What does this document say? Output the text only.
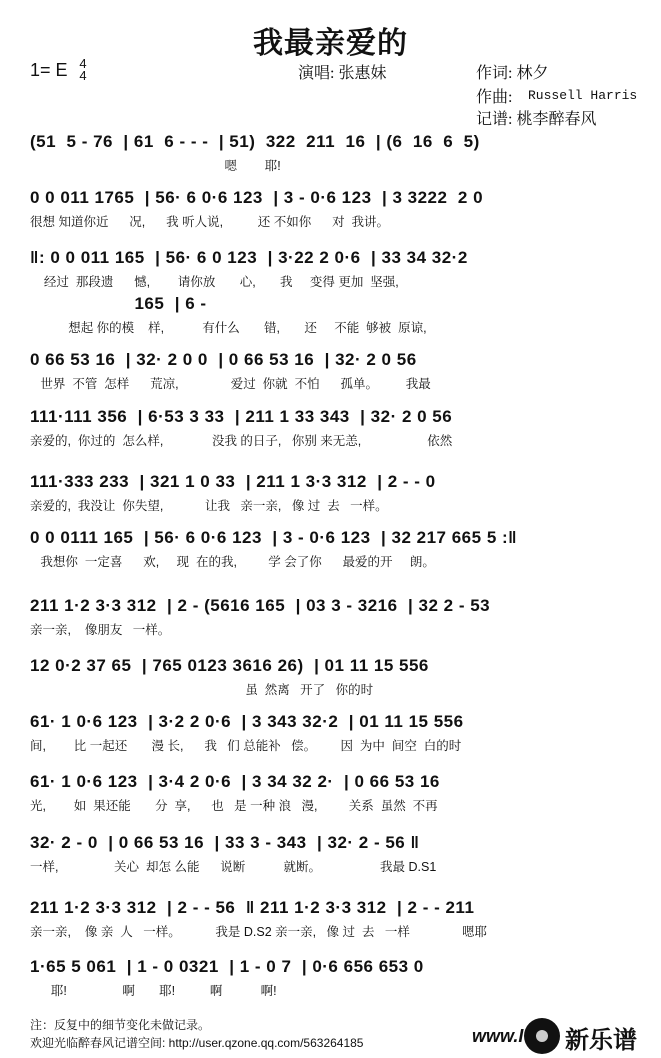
我最亲爱的
1= E 4
4	演唱: 张惠妹	作词: 林夕
作曲: Russell Harris
记谱: 桃李醉春风
(51  5 - 76  | 61  6 - - -  | 51)  322  211  16  | (6  16  6  5)
嗯        耶!
0 0 011 1765  | 56· 6 0·6 123  | 3 - 0·6 123  | 3 3222  2 0
很想 知道你近      况,      我 听人说,          还 不如你      对  我讲。
‖: 0 0 011 165  | 56· 6 0 123  | 3·22 2 0·6  | 33 34 32·2
经过  那段遗      憾,        请你放       心,       我     变得 更加  坚强,
165  | 6 -
想起 你的模    样,           有什么       错,       还     不能  够被  原谅,
0 66 53 16  | 32· 2 0 0  | 0 66 53 16  | 32· 2 0 56
世界  不管  怎样      荒凉,               爱过  你就  不怕      孤单。        我最
111·111 356  | 6·53 3 33  | 211 1 33 343  | 32· 2 0 56
亲爱的,  你过的  怎么样,              没我 的日子,   你别 来无恙,                   依然
111·333 233  | 321 1 0 33  | 211 1 3·3 312  | 2 - - 0
亲爱的,  我没让  你失望,            让我   亲一亲,   像 过  去   一样。
0 0 0111 165  | 56· 6 0·6 123  | 3 - 0·6 123  | 32 217 665 5 :‖
我想你  一定喜      欢,     现  在的我,         学 会了你      最爱的开     朗。
211 1·2 3·3 312  | 2 - (5616 165  | 03 3 - 3216  | 32 2 - 53
亲一亲,    像朋友   一样。
12 0·2 37 65  | 765 0123 3616 26)  | 01 11 15 556
虽  然离   开了   你的时
61· 1 0·6 123  | 3·2 2 0·6  | 3 343 32·2  | 01 11 15 556
间,        比 一起还       漫 长,      我   们 总能补   偿。       因  为中  间空  白的时
61· 1 0·6 123  | 3·4 2 0·6  | 3 34 32 2·  | 0 66 53 16
光,        如  果还能       分  享,      也   是 一种 浪   漫,         关系  虽然  不再
32· 2 - 0  | 0 66 53 16  | 33 3 - 343  | 32· 2 - 56 ‖
一样,                关心  却怎 么能      说断           就断。                 我最 D.S1
211 1·2 3·3 312  | 2 - - 56  ‖ 211 1·2 3·3 312  | 2 - - 211
亲一亲,    像 亲  人   一样。          我是 D.S2 亲一亲,   像 过  去   一样               嗯耶
1·65 5 061  | 1 - 0 0321  | 1 - 0 7  | 0·6 656 653 0
耶!                啊       耶!          啊           啊!
注：反复中的细节变化未做记录。
欢迎光临醉春风记谱空间: http://user.qzone.qq.com/563264185	www.I 新乐谱
